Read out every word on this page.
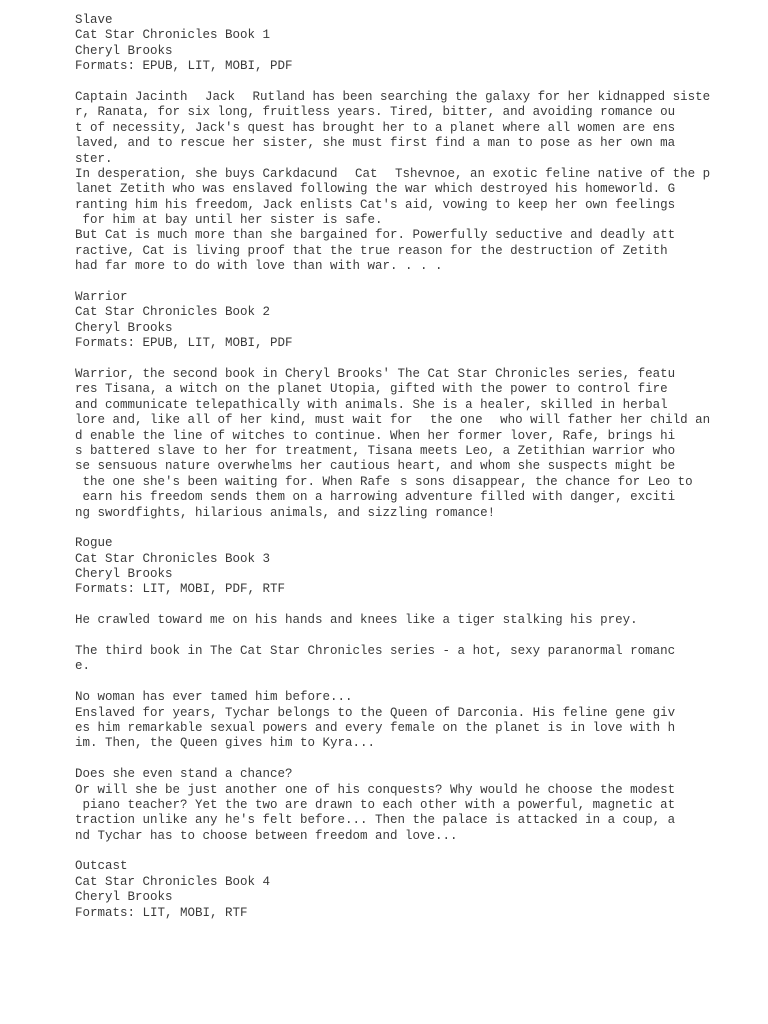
Slave
Cat Star Chronicles Book 1
Cheryl Brooks
Formats: EPUB, LIT, MOBI, PDF
Captain Jacinth Jack Rutland has been searching the galaxy for her kidnapped siste
r, Ranata, for six long, fruitless years. Tired, bitter, and avoiding romance ou
t of necessity, Jack's quest has brought her to a planet where all women are ens
laved, and to rescue her sister, she must first find a man to pose as her own ma
ster.
In desperation, she buys Carkdacund Cat Tshevnoe, an exotic feline native of the p
lanet Zetith who was enslaved following the war which destroyed his homeworld. G
ranting him his freedom, Jack enlists Cat's aid, vowing to keep her own feelings
for him at bay until her sister is safe.
But Cat is much more than she bargained for. Powerfully seductive and deadly att
ractive, Cat is living proof that the true reason for the destruction of Zetith
had far more to do with love than with war. . . .
Warrior
Cat Star Chronicles Book 2
Cheryl Brooks
Formats: EPUB, LIT, MOBI, PDF
Warrior, the second book in Cheryl Brooks' The Cat Star Chronicles series, featu
res Tisana, a witch on the planet Utopia, gifted with the power to control fire
and communicate telepathically with animals. She is a healer, skilled in herbal
lore and, like all of her kind, must wait for the one who will father her child an
d enable the line of witches to continue. When her former lover, Rafe, brings hi
s battered slave to her for treatment, Tisana meets Leo, a Zetithian warrior who
se sensuous nature overwhelms her cautious heart, and whom she suspects might be
the one she's been waiting for. When Rafes sons disappear, the chance for Leo to
earn his freedom sends them on a harrowing adventure filled with danger, exciti
ng swordfights, hilarious animals, and sizzling romance!
Rogue
Cat Star Chronicles Book 3
Cheryl Brooks
Formats: LIT, MOBI, PDF, RTF
He crawled toward me on his hands and knees like a tiger stalking his prey.
The third book in The Cat Star Chronicles series - a hot, sexy paranormal romanc
e.
No woman has ever tamed him before...
Enslaved for years, Tychar belongs to the Queen of Darconia. His feline gene giv
es him remarkable sexual powers and every female on the planet is in love with h
im. Then, the Queen gives him to Kyra...
Does she even stand a chance?
Or will she be just another one of his conquests? Why would he choose the modest
piano teacher? Yet the two are drawn to each other with a powerful, magnetic at
traction unlike any he's felt before... Then the palace is attacked in a coup, a
nd Tychar has to choose between freedom and love...
Outcast
Cat Star Chronicles Book 4
Cheryl Brooks
Formats: LIT, MOBI, RTF
